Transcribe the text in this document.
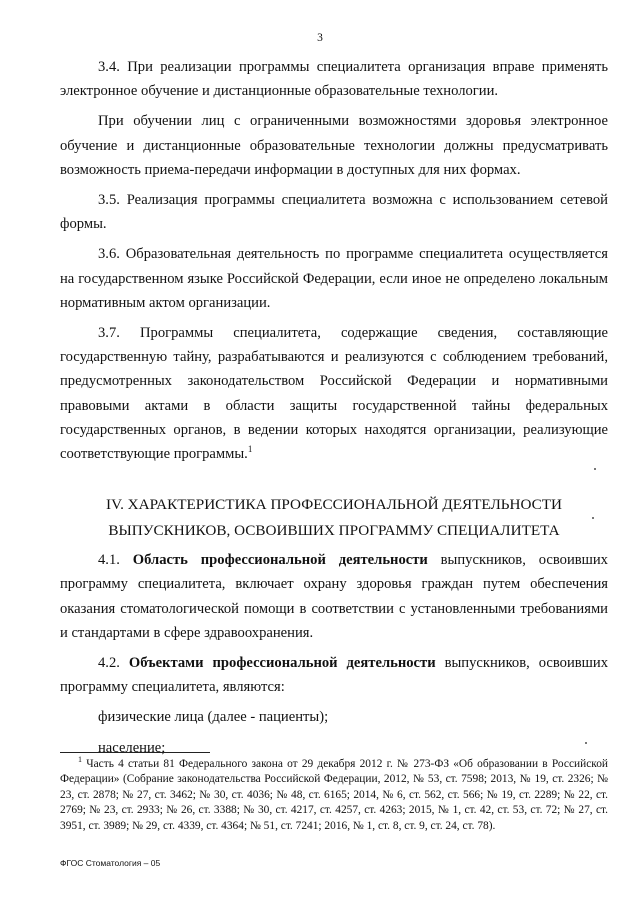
3

3.4. При реализации программы специалитета организация вправе применять электронное обучение и дистанционные образовательные технологии.

При обучении лиц с ограниченными возможностями здоровья электронное обучение и дистанционные образовательные технологии должны предусматривать возможность приема-передачи информации в доступных для них формах.

3.5. Реализация программы специалитета возможна с использованием сетевой формы.

3.6. Образовательная деятельность по программе специалитета осуществляется на государственном языке Российской Федерации, если иное не определено локальным нормативным актом организации.

3.7. Программы специалитета, содержащие сведения, составляющие государственную тайну, разрабатываются и реализуются с соблюдением требований, предусмотренных законодательством Российской Федерации и нормативными правовыми актами в области защиты государственной тайны федеральных государственных органов, в ведении которых находятся организации, реализующие соответствующие программы.$^1$

IV. ХАРАКТЕРИСТИКА ПРОФЕССИОНАЛЬНОЙ ДЕЯТЕЛЬНОСТИ
ВЫПУСКНИКОВ, ОСВОИВШИХ ПРОГРАММУ СПЕЦИАЛИТЕТА

4.1. Область профессиональной деятельности выпускников, освоивших программу специалитета, включает охрану здоровья граждан путем обеспечения оказания стоматологической помощи в соответствии с установленными требованиями и стандартами в сфере здравоохранения.

4.2. Объектами профессиональной деятельности выпускников, освоивших программу специалитета, являются:

физические лица (далее - пациенты);

население;

$^1$ Часть 4 статьи 81 Федерального закона от 29 декабря 2012 г. № 273-ФЗ «Об образовании в Российской Федерации» (Собрание законодательства Российской Федерации, 2012, № 53, ст. 7598; 2013, № 19, ст. 2326; № 23, ст. 2878; № 27, ст. 3462; № 30, ст. 4036; № 48, ст. 6165; 2014, № 6, ст. 562, ст. 566; № 19, ст. 2289; № 22, ст. 2769; № 23, ст. 2933; № 26, ст. 3388; № 30, ст. 4217, ст. 4257, ст. 4263; 2015, № 1, ст. 42, ст. 53, ст. 72; № 27, ст. 3951, ст. 3989; № 29, ст. 4339, ст. 4364; № 51, ст. 7241; 2016, № 1, ст. 8, ст. 9, ст. 24, ст. 78).

ФГОС Стоматология – 05
